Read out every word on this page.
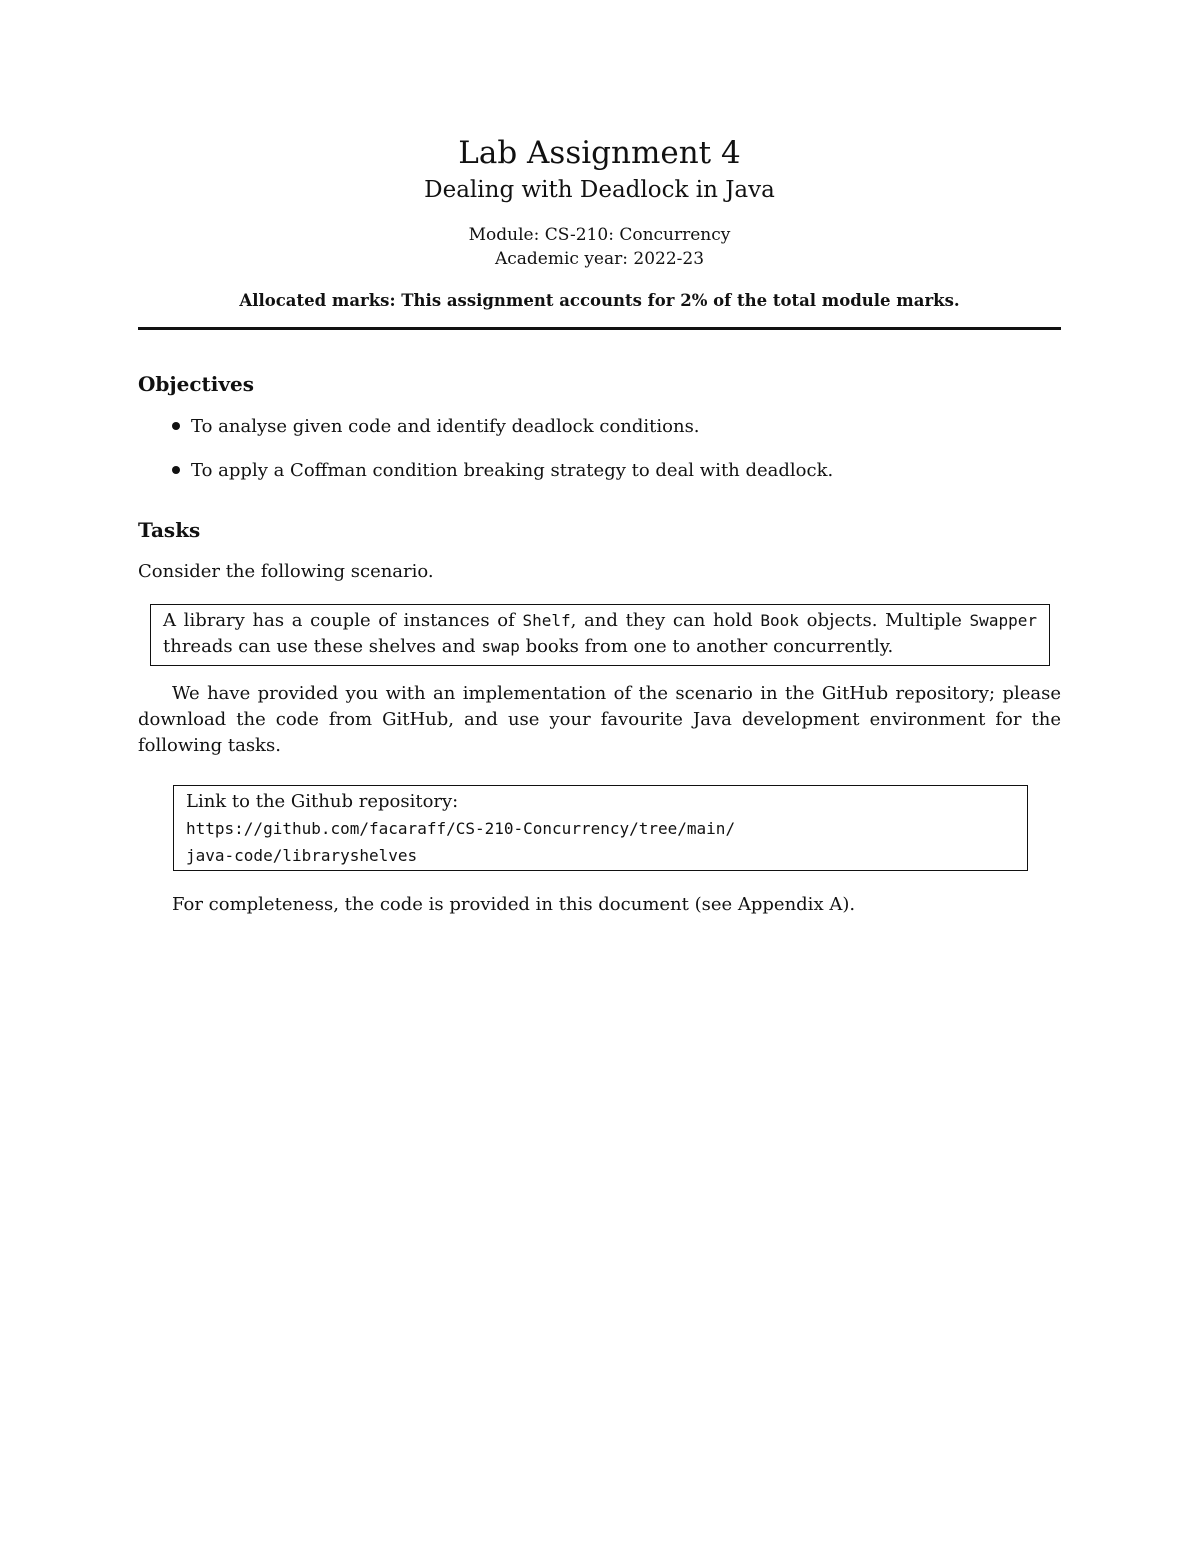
Lab Assignment 4
Dealing with Deadlock in Java
Module: CS-210: Concurrency
Academic year: 2022-23
Allocated marks: This assignment accounts for 2% of the total module marks.
Objectives
To analyse given code and identify deadlock conditions.
To apply a Coffman condition breaking strategy to deal with deadlock.
Tasks
Consider the following scenario.
A library has a couple of instances of Shelf, and they can hold Book objects. Multiple Swapper threads can use these shelves and swap books from one to another concurrently.
We have provided you with an implementation of the scenario in the GitHub repository; please download the code from GitHub, and use your favourite Java development environment for the following tasks.
Link to the Github repository:
https://github.com/facaraff/CS-210-Concurrency/tree/main/
java-code/libraryshelves
For completeness, the code is provided in this document (see Appendix A).
